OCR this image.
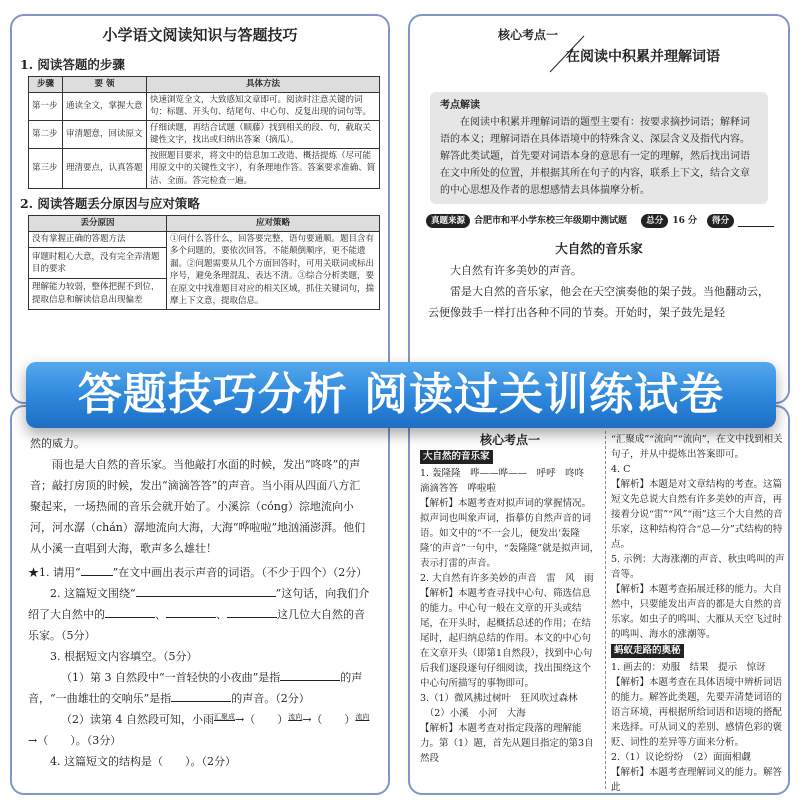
小学语文阅读知识与答题技巧
1. 阅读答题的步骤
步骤	要 领	具体方法
第一步	通读全文，掌握大意	快速浏览全文，大致感知文章即可。阅读时注意关键的词句：标题、开头句、结尾句、中心句、反复出现的词句等。
第二步	审清题意，回读原文	仔细读题，再结合试题（顺藤）找到相关的段、句，截取关键性文字，找出或归纳出答案（摘瓜）。
第三步	理清要点，认真答题	按照题目要求，将文中的信息加工改造、概括提炼（尽可能用原文中的关键性文字），有条理地作答。答案要求准确、简洁、全面。答完检查一遍。
2. 阅读答题丢分原因与应对策略
丢分原因	应对策略
没有掌握正确的答题方法	①问什么答什么，回答要完整，语句要通顺。题目含有多个问题的，要依次回答，不能颠倒顺序，更不能遗漏。②问题需要从几个方面回答时，可用关联词或标出序号，避免条理混乱、表达不清。③综合分析类题，要在原文中找准题目对应的相关区域，抓住关键词句，揣摩上下文意，提取信息。
审题时粗心大意，没有完全弄清题目的要求	
理解能力较弱，整体把握不到位，提取信息和解读信息出现偏差	
核心考点一
在阅读中积累并理解词语
考点解读
在阅读中积累并理解词语的题型主要有：按要求摘抄词语；解释词语的本义；理解词语在具体语境中的特殊含义、深层含义及指代内容。解答此类试题，首先要对词语本身的意思有一定的理解，然后找出词语在文中所处的位置，并根据其所在句子的内容，联系上下文，结合文章的中心思想及作者的思想感情去具体揣摩分析。
真题来源	合肥市和平小学东校三年级期中测试题	总分	16 分	得分
大自然的音乐家

大自然有许多美妙的声音。

雷是大自然的音乐家，他会在天空演奏他的架子鼓。当他翻动云，云便像鼓手一样打出各种不同的节奏。开始时，架子鼓先是轻

然的威力。

雨也是大自然的音乐家。当他敲打水面的时候，发出“咚咚”的声音；敲打房顶的时候，发出“滴滴答答”的声音。当小雨从四面八方汇聚起来，一场热闹的音乐会就开始了。小溪淙（cóng）淙地流向小河，河水潺（chán）潺地流向大海，大海“哗啦啦”地汹涌澎湃。他们从小溪一直唱到大海，歌声多么雄壮！

★1. 请用“	”在文中画出表示声音的词语。（不少于四个）（2分）

2. 这篇短文围绕“	”这句话，向我们介绍了大自然中的	、	、	这几位大自然的音乐家。（5分）

3. 根据短文内容填空。（5分）

（1）第 3 自然段中“一首轻快的小夜曲”是指	的声音，“一曲雄壮的交响乐”是指	的声音。（2分）

（2）读第 4 自然段可知，小雨$^{汇聚成}$→（　　）$^{流向}$→（　　）$^{流向}$→（　　）。（3分）

4. 这篇短文的结构是（　　）。（2分）

核心考点一
大自然的音乐家

1. 轰隆隆　哗——哗——　呼呼　咚咚　滴滴答答　哗啦啦

【解析】本题考查对拟声词的掌握情况。拟声词也叫象声词，指摹仿自然声音的词语。如文中的“不一会儿，便发出‘轰隆隆’的声音”一句中，“轰隆隆”就是拟声词，表示打雷的声音。

2. 大自然有许多美妙的声音　雷　风　雨

【解析】本题考查寻找中心句、筛选信息的能力。中心句一般在文章的开头或结尾，在开头时，起概括总述的作用；在结尾时，起归纳总结的作用。本文的中心句在文章开头（即第1自然段），找到中心句后我们逐段逐句仔细阅读，找出围绕这个中心句所描写的事物即可。

3.（1）微风拂过树叶　狂风吹过森林

　（2）小溪　小河　大海

【解析】本题考查对指定段落的理解能力。第（1）题，首先从题目指定的第3自然段

“汇聚成”“流向”“流向”，在文中找到相关句子，并从中提炼出答案即可。

4. C

【解析】本题是对文章结构的考查。这篇短文先总说大自然有许多美妙的声音，再接着分说“雷”“风”“雨”这三个大自然的音乐家，这种结构符合“总—分”式结构的特点。

5. 示例：大海涨潮的声音、秋虫鸣叫的声音等。

【解析】本题考查拓展迁移的能力。大自然中，只要能发出声音的都是大自然的音乐家。如虫子的鸣叫、大雁从天空飞过时的鸣叫、海水的涨潮等。

蚂蚁走路的奥秘

1. 画去的：劝服　结果　提示　惊讶

【解析】本题考查在具体语境中辨析词语的能力。解答此类题，先要弄清楚词语的语言环境，再根据所给词语和语境的搭配来选择。可从词义的差别、感情色彩的褒贬、词性的差异等方面来分析。

2.（1）议论纷纷　（2）面面相觑

【解析】本题考查理解词义的能力。解答此

答题技巧分析 阅读过关训练试卷
